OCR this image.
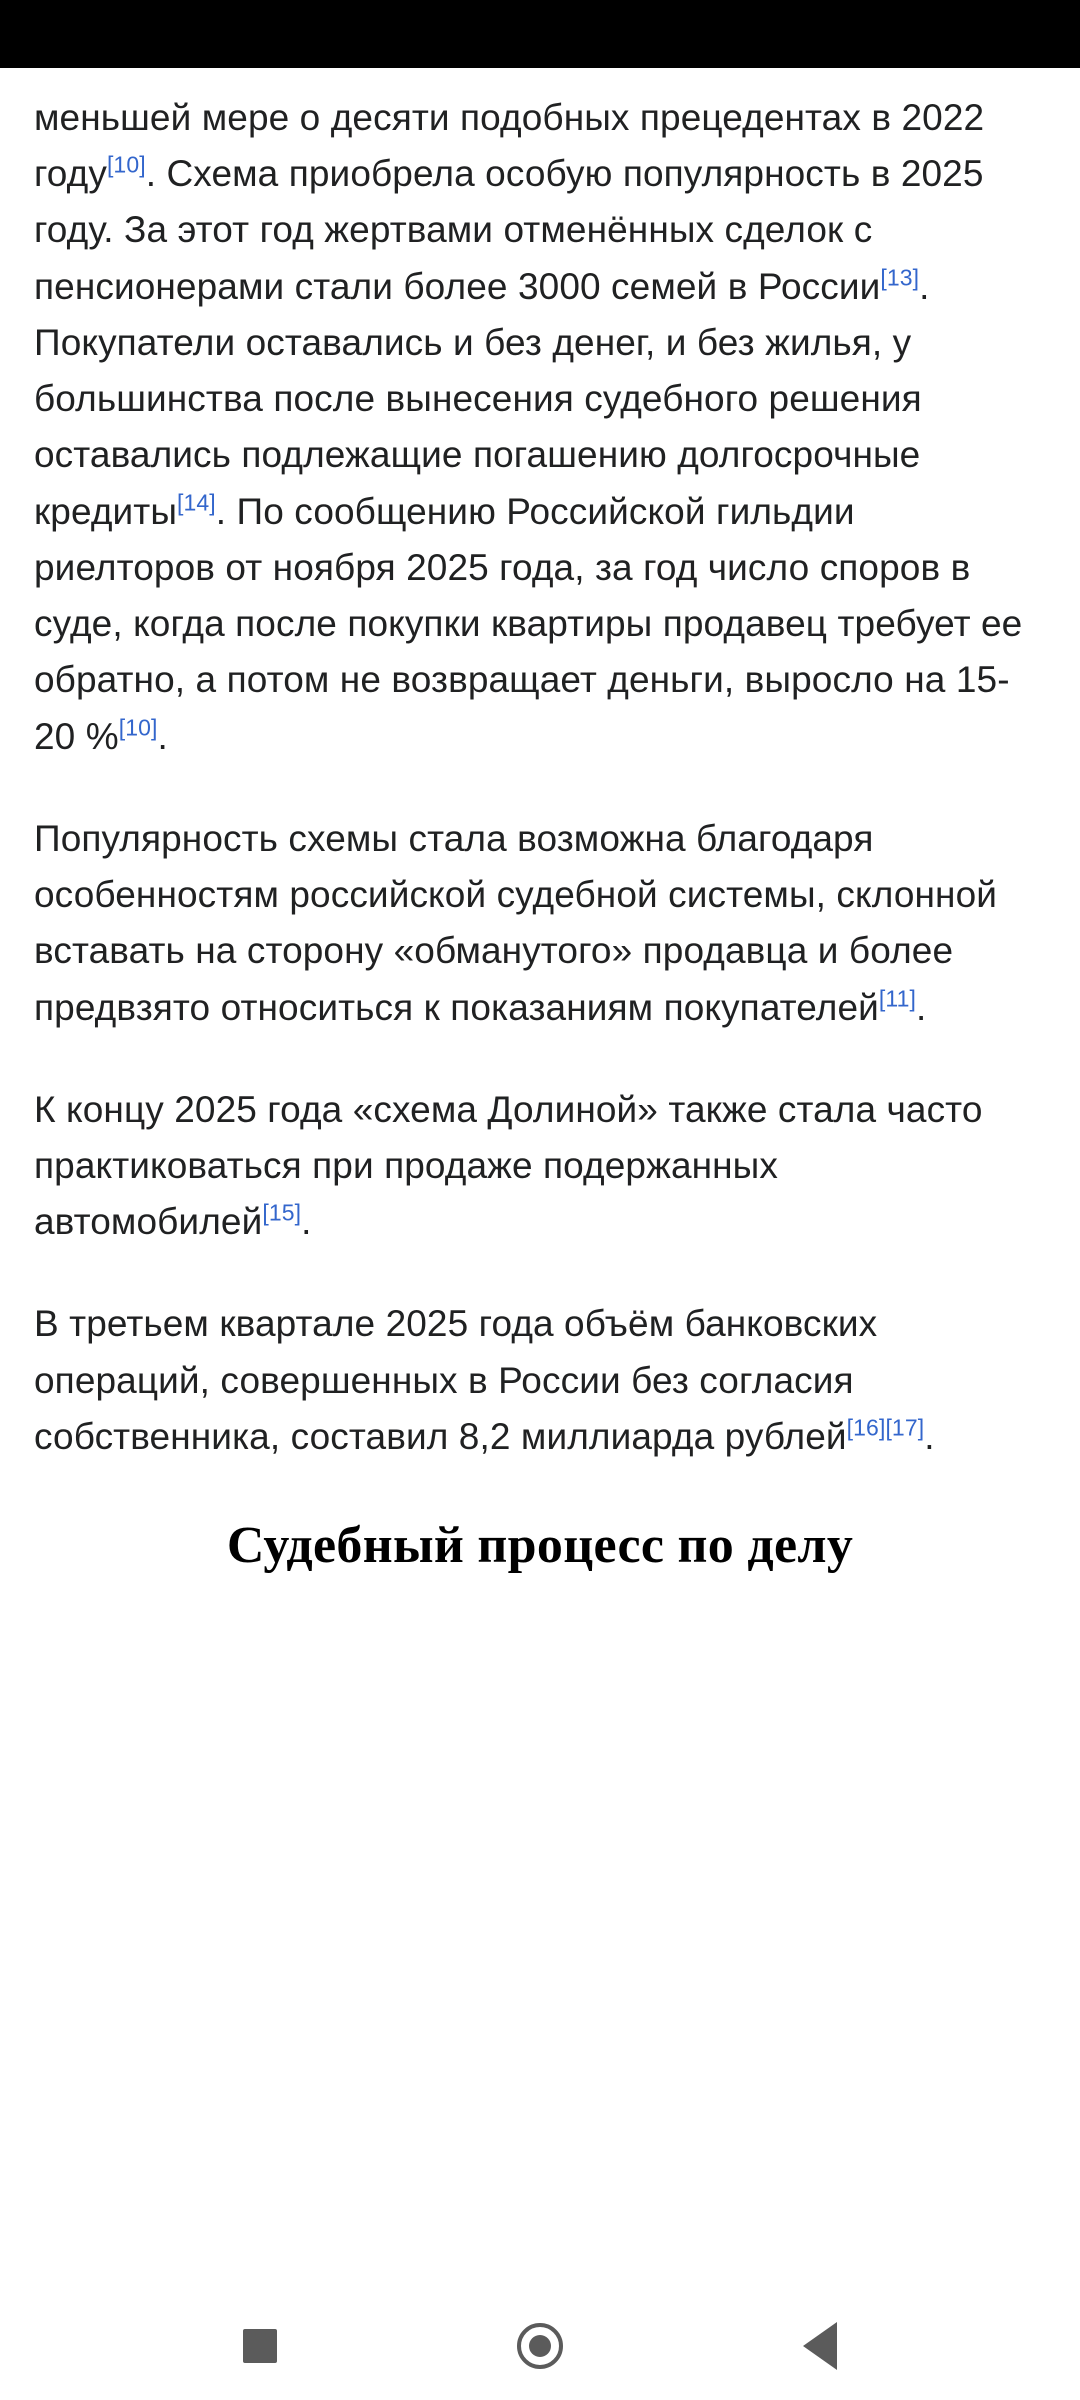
меньшей мере о десяти подобных прецедентах в 2022 году[10]. Схема приобрела особую популярность в 2025 году. За этот год жертвами отменённых сделок с пенсионерами стали более 3000 семей в России[13]. Покупатели оставались и без денег, и без жилья, у большинства после вынесения судебного решения оставались подлежащие погашению долгосрочные кредиты[14]. По сообщению Российской гильдии риелторов от ноября 2025 года, за год число споров в суде, когда после покупки квартиры продавец требует ее обратно, а потом не возвращает деньги, выросло на 15-20 %[10].

Популярность схемы стала возможна благодаря особенностям российской судебной системы, склонной вставать на сторону «обманутого» продавца и более предвзято относиться к показаниям покупателей[11].

К концу 2025 года «схема Долиной» также стала часто практиковаться при продаже подержанных автомобилей[15].

В третьем квартале 2025 года объём банковских операций, совершенных в России без согласия собственника, составил 8,2 миллиарда рублей[16][17].

Судебный процесс по делу
